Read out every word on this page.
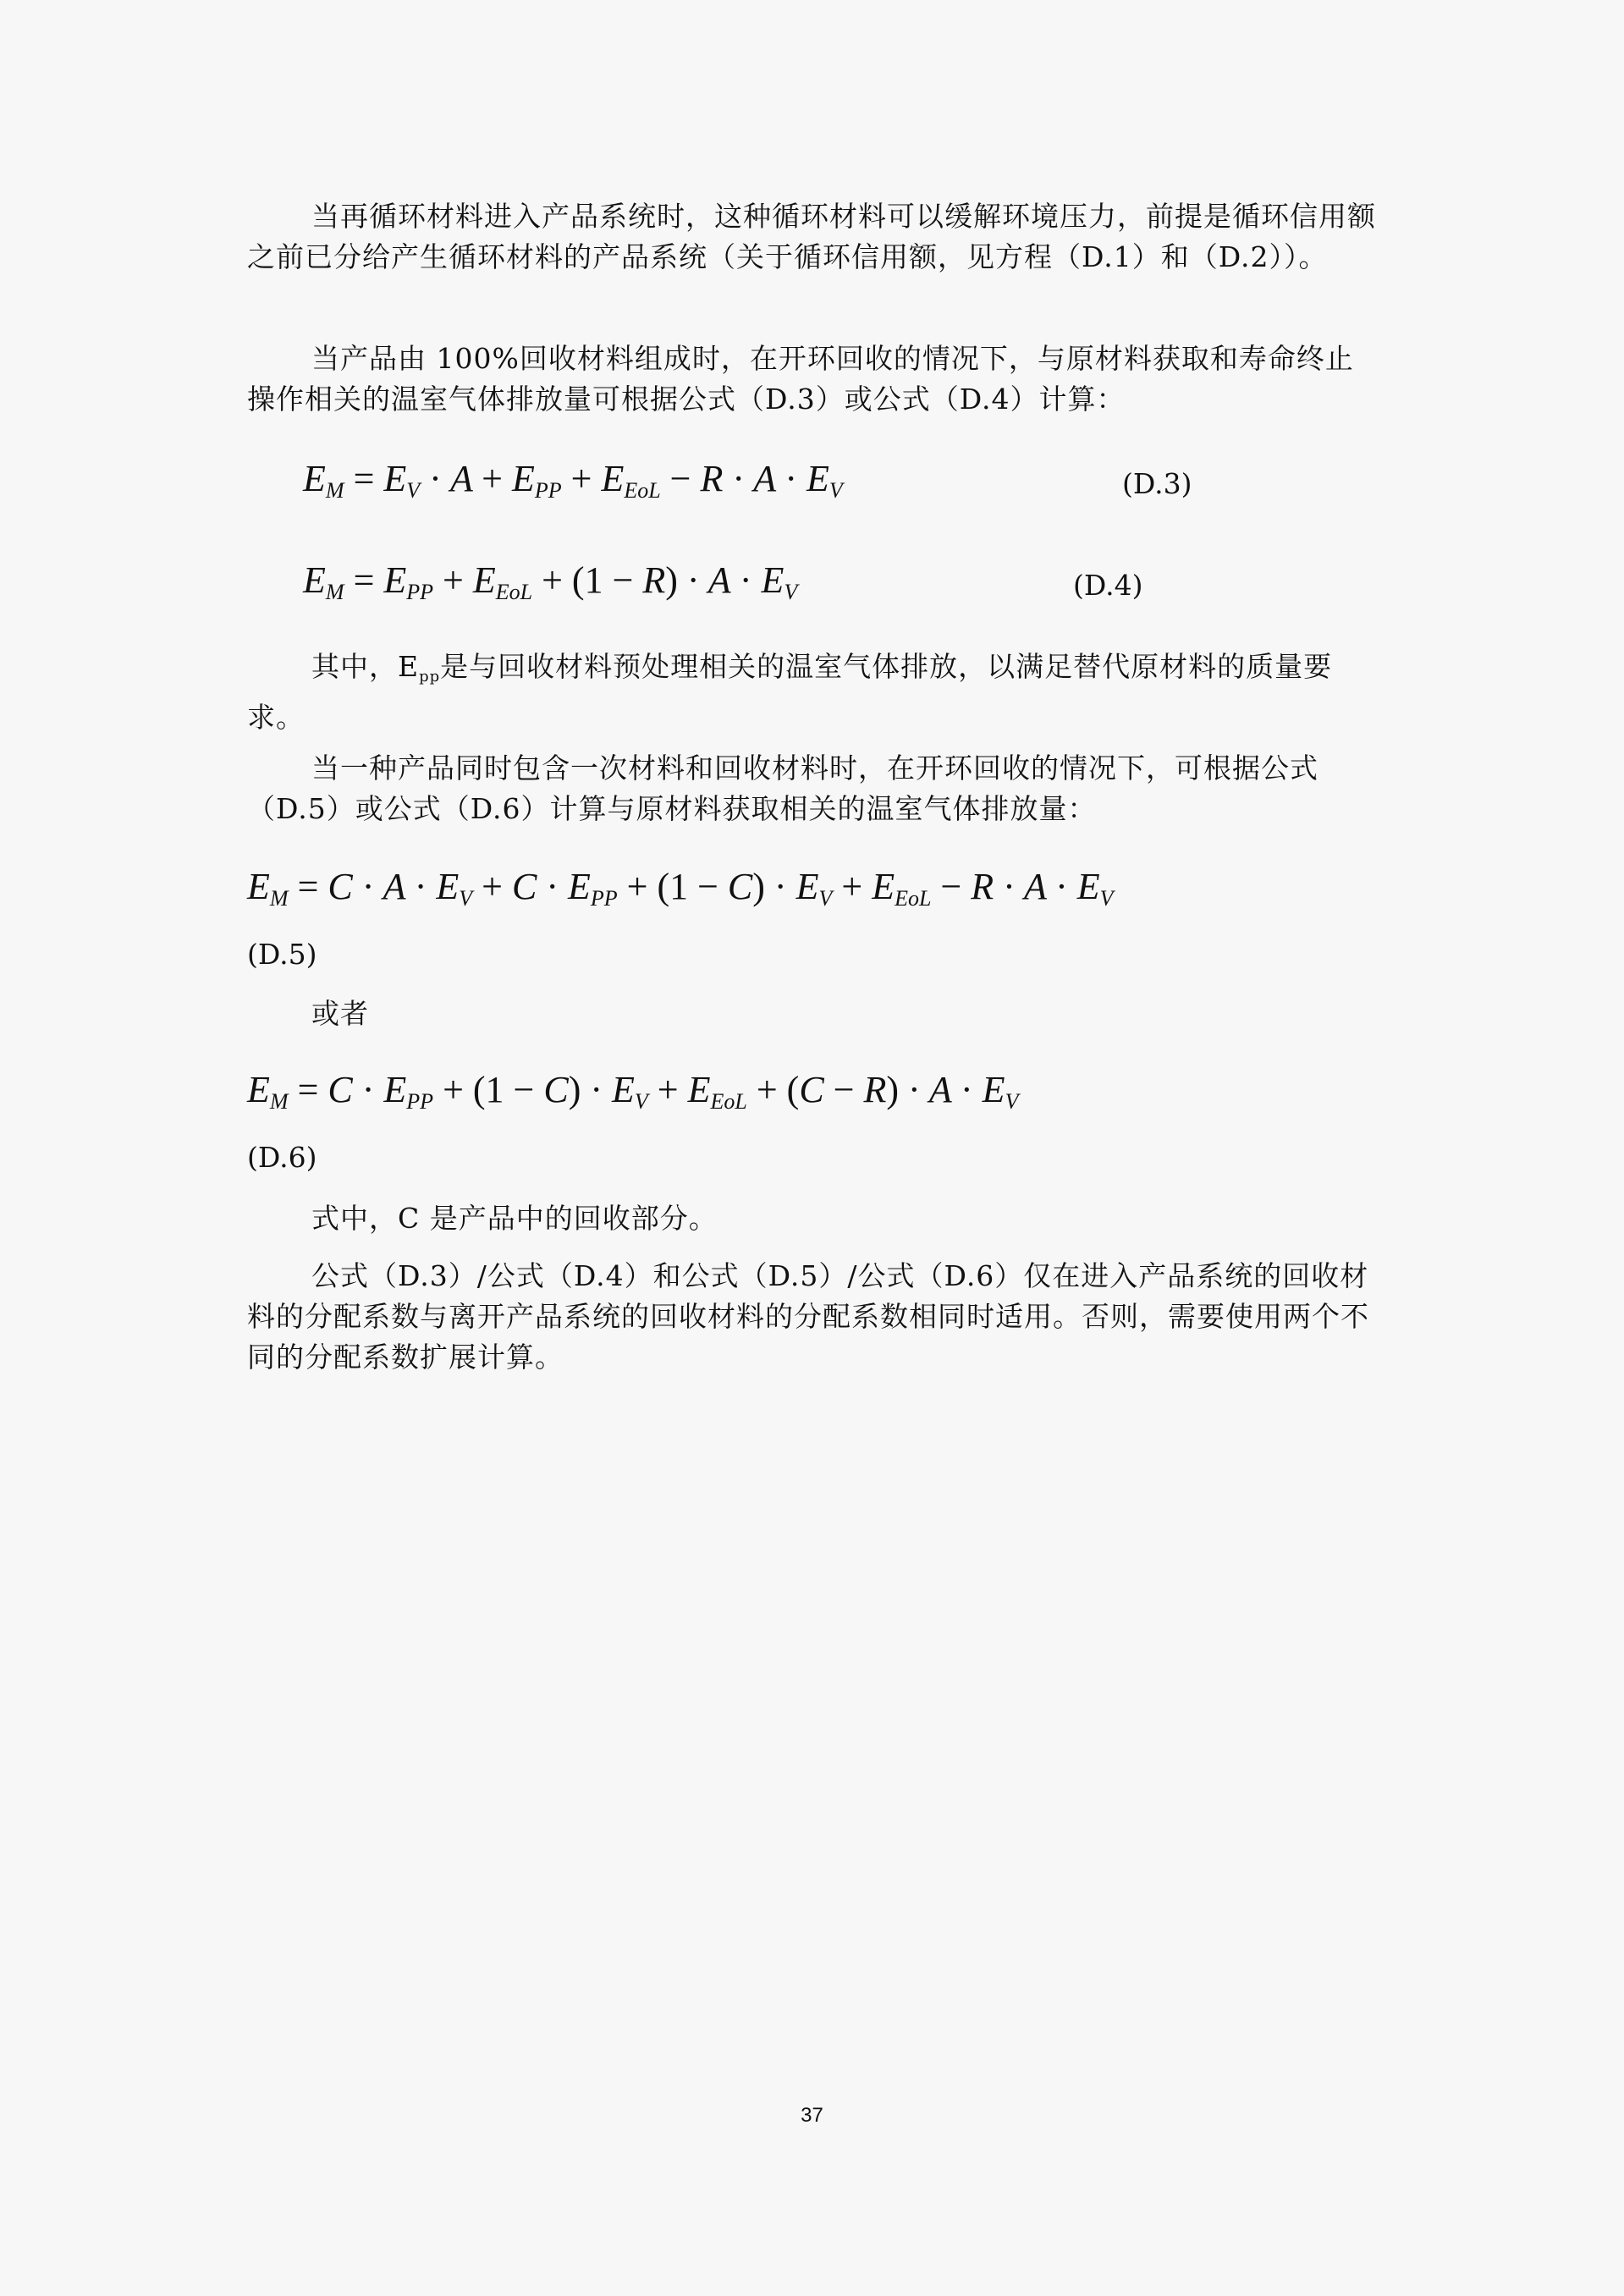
当再循环材料进入产品系统时，这种循环材料可以缓解环境压力，前提是循环信用额之前已分给产生循环材料的产品系统（关于循环信用额，见方程（D.1）和（D.2））。

当产品由 100%回收材料组成时，在开环回收的情况下，与原材料获取和寿命终止操作相关的温室气体排放量可根据公式（D.3）或公式（D.4）计算：

$E_M = E_V \cdot A + E_{PP} + E_{EoL} - R \cdot A \cdot E_V$	(D.3)
$E_M = E_{PP} + E_{EoL} + (1 - R) \cdot A \cdot E_V$	(D.4)

其中，Epp是与回收材料预处理相关的温室气体排放，以满足替代原材料的质量要求。

当一种产品同时包含一次材料和回收材料时，在开环回收的情况下，可根据公式（D.5）或公式（D.6）计算与原材料获取相关的温室气体排放量：

$E_M = C \cdot A \cdot E_V + C \cdot E_{PP} + (1 - C) \cdot E_V + E_{EoL} - R \cdot A \cdot E_V$
(D.5)

或者

$E_M = C \cdot E_{PP} + (1 - C) \cdot E_V + E_{EoL} + (C - R) \cdot A \cdot E_V$
(D.6)

式中，C 是产品中的回收部分。

公式（D.3）/公式（D.4）和公式（D.5）/公式（D.6）仅在进入产品系统的回收材料的分配系数与离开产品系统的回收材料的分配系数相同时适用。否则，需要使用两个不同的分配系数扩展计算。

37
